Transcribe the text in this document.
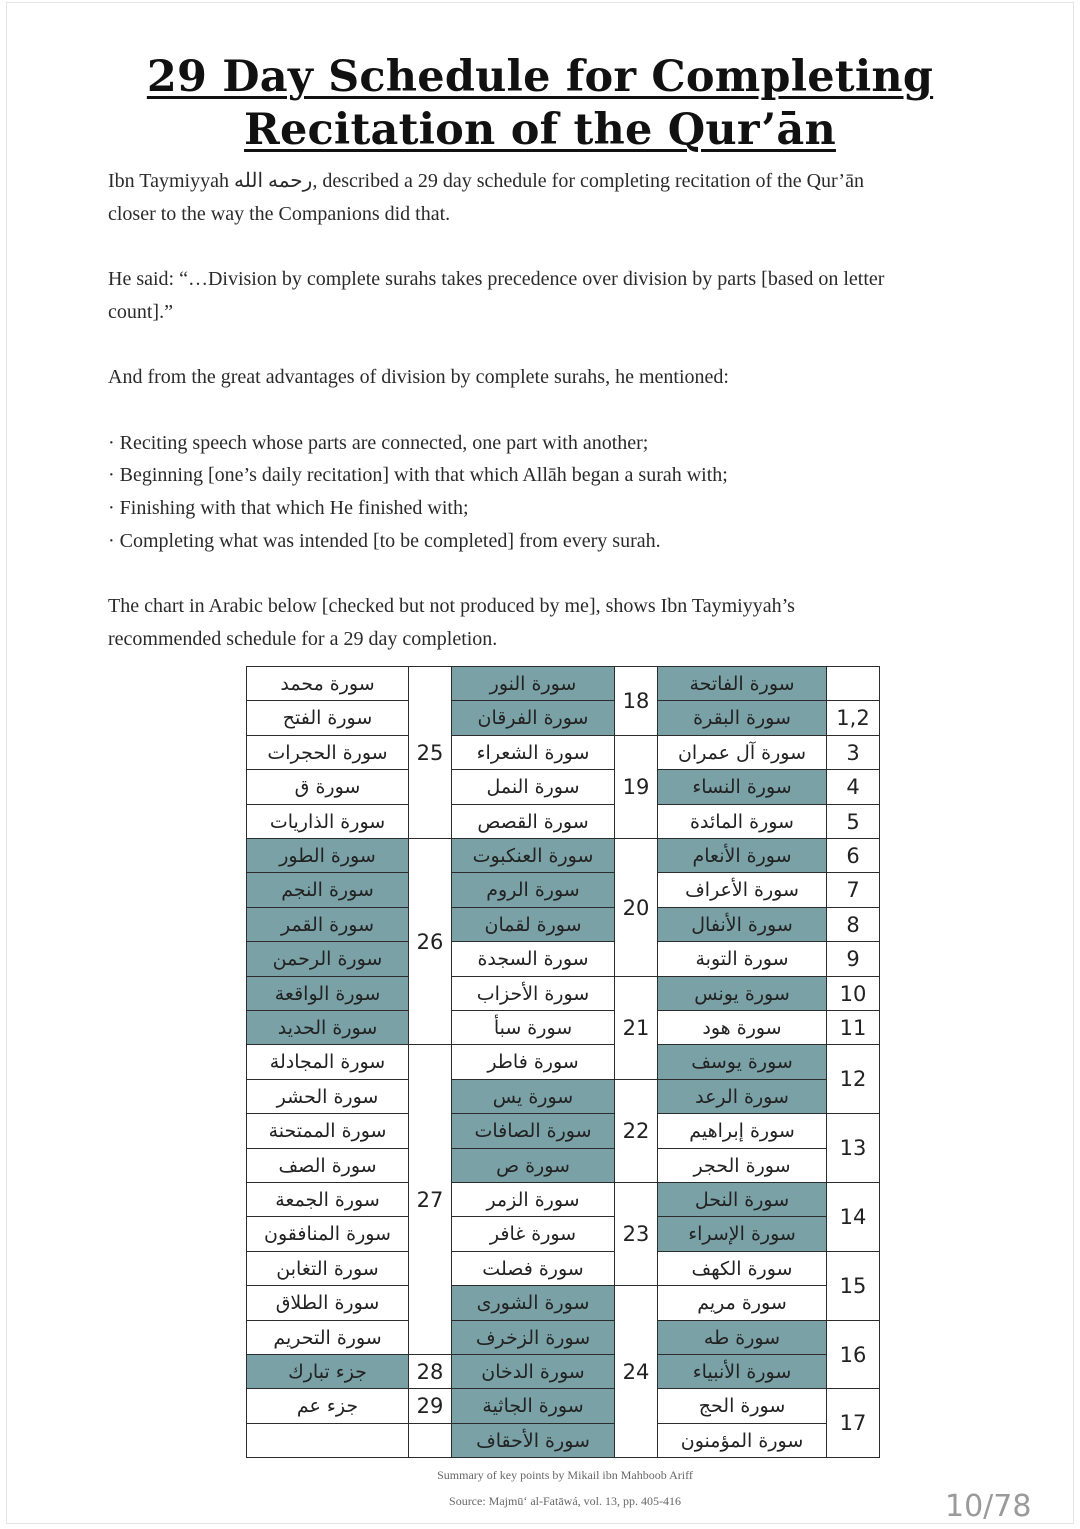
29 Day Schedule for Completing
Recitation of the Qur’ān
Ibn Taymiyyah رحمه الله, described a 29 day schedule for completing recitation of the Qur’ān
closer to the way the Companions did that.
He said: “…Division by complete surahs takes precedence over division by parts [based on letter
count].”
And from the great advantages of division by complete surahs, he mentioned:
· Reciting speech whose parts are connected, one part with another;
· Beginning [one’s daily recitation] with that which Allāh began a surah with;
· Finishing with that which He finished with;
· Completing what was intended [to be completed] from every surah.
The chart in Arabic below [checked but not produced by me], shows Ibn Taymiyyah’s
recommended schedule for a 29 day completion.
سورة الفاتحة
سورة البقرة
سورة آل عمران
سورة النساء
سورة المائدة
سورة الأنعام
سورة الأعراف
سورة الأنفال
سورة التوبة
سورة يونس
سورة هود
سورة يوسف
سورة الرعد
سورة إبراهيم
سورة الحجر
سورة النحل
سورة الإسراء
سورة الكهف
سورة مريم
سورة طه
سورة الأنبياء
سورة الحج
سورة المؤمنون
سورة النور
سورة الفرقان
سورة الشعراء
سورة النمل
سورة القصص
سورة العنكبوت
سورة الروم
سورة لقمان
سورة السجدة
سورة الأحزاب
سورة سبأ
سورة فاطر
سورة يس
سورة الصافات
سورة ص
سورة الزمر
سورة غافر
سورة فصلت
سورة الشورى
سورة الزخرف
سورة الدخان
سورة الجاثية
سورة الأحقاف
سورة محمد
سورة الفتح
سورة الحجرات
سورة ق
سورة الذاريات
سورة الطور
سورة النجم
سورة القمر
سورة الرحمن
سورة الواقعة
سورة الحديد
سورة المجادلة
سورة الحشر
سورة الممتحنة
سورة الصف
سورة الجمعة
سورة المنافقون
سورة التغابن
سورة الطلاق
سورة التحريم
جزء تبارك
جزء عم
1,2
3
4
5
6
7
8
9
10
11
12
13
14
15
16
17
18
19
20
21
22
23
24
25
26
27
28
29
Summary of key points by Mikail ibn Mahboob Ariff
Source: Majmū‘ al-Fatāwá, vol. 13, pp. 405-416	10/78
